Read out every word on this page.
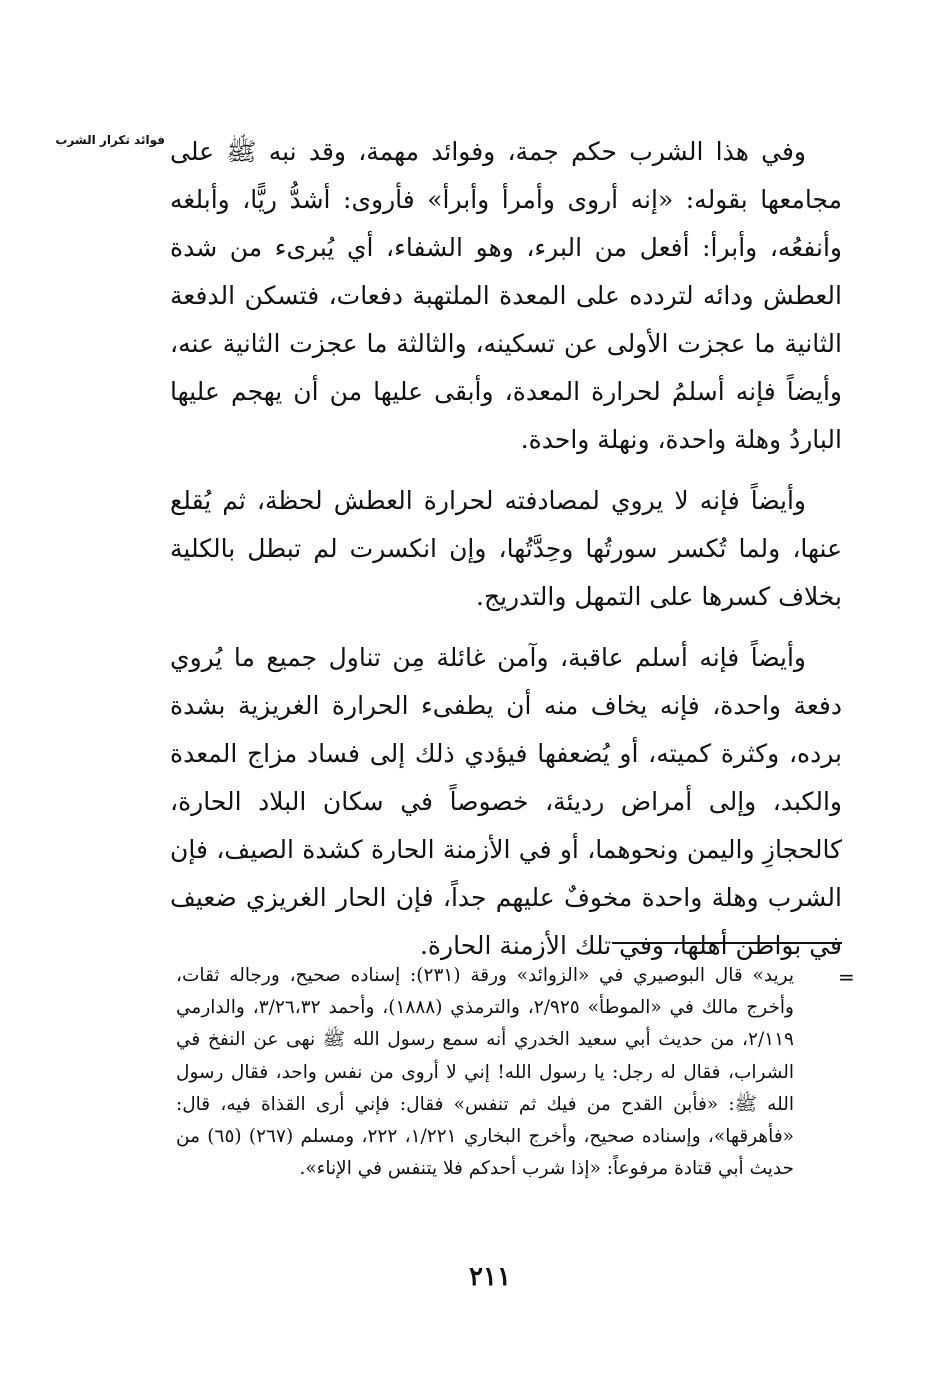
فوائد تكرار الشرب وفي هذا الشرب حكم جمة، وفوائد مهمة، وقد نبه ﷺ على مجامعها بقوله: «إنه أروى وأمرأ وأبرأ» فأروى: أشدُّ ريًّا، وأبلغه وأنفعُه، وأبرأ: أفعل من البرء، وهو الشفاء، أي يُبرىء من شدة العطش ودائه لتردده على المعدة الملتهبة دفعات، فتسكن الدفعة الثانية ما عجزت الأولى عن تسكينه، والثالثة ما عجزت الثانية عنه، وأيضاً فإنه أسلمُ لحرارة المعدة، وأبقى عليها من أن يهجم عليها الباردُ وهلة واحدة، ونهلة واحدة.

وأيضاً فإنه لا يروي لمصادفته لحرارة العطش لحظة، ثم يُقلع عنها، ولما تُكسر سورتُها وحِدَّتُها، وإن انكسرت لم تبطل بالكلية بخلاف كسرها على التمهل والتدريج.

وأيضاً فإنه أسلم عاقبة، وآمن غائلة مِن تناول جميع ما يُروي دفعة واحدة، فإنه يخاف منه أن يطفىء الحرارة الغريزية بشدة برده، وكثرة كميته، أو يُضعفها فيؤدي ذلك إلى فساد مزاج المعدة والكبد، وإلى أمراض رديئة، خصوصاً في سكان البلاد الحارة، كالحجازِ واليمن ونحوهما، أو في الأزمنة الحارة كشدة الصيف، فإن الشرب وهلة واحدة مخوفٌ عليهم جداً، فإن الحار الغريزي ضعيف في بواطن أهلها، وفي تلك الأزمنة الحارة.

=
يريد» قال البوصيري في «الزوائد» ورقة (٢٣١): إسناده صحيح، ورجاله ثقات، وأخرج مالك في «الموطأ» ٢/٩٢٥، والترمذي (١٨٨٨)، وأحمد ٣/٢٦،٣٢، والدارمي ٢/١١٩، من حديث أبي سعيد الخدري أنه سمع رسول الله ﷺ نهى عن النفخ في الشراب، فقال له رجل: يا رسول الله! إني لا أروى من نفس واحد، فقال رسول الله ﷺ: «فأبن القدح من فيك ثم تنفس» فقال: فإني أرى القذاة فيه، قال: «فأهرقها»، وإسناده صحيح، وأخرج البخاري ١/٢٢١، ٢٢٢، ومسلم (٢٦٧) (٦٥) من حديث أبي قتادة مرفوعاً: «إذا شرب أحدكم فلا يتنفس في الإناء».
٢١١
